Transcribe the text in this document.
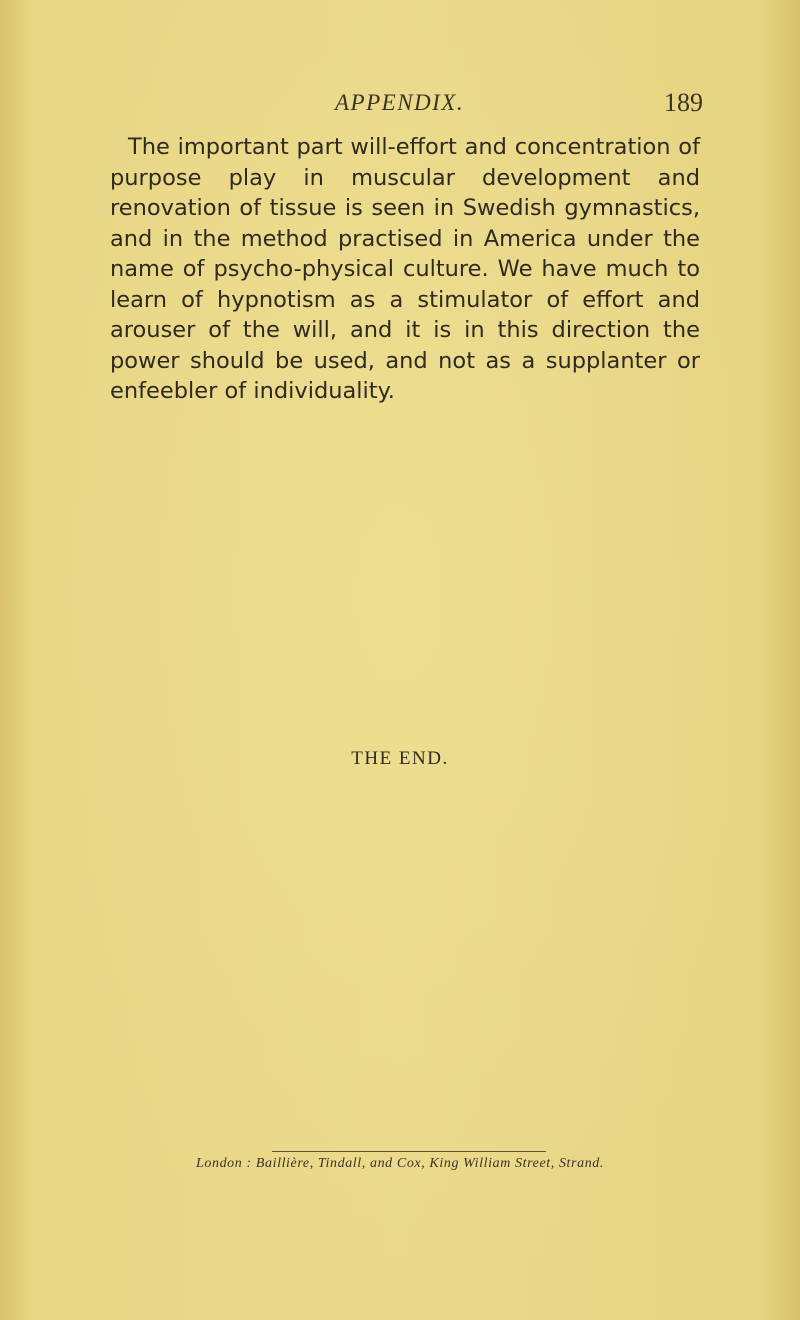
APPENDIX.	189

The important part will-effort and concentration of purpose play in muscular development and renovation of tissue is seen in Swedish gymnastics, and in the method practised in America under the name of psycho-physical culture. We have much to learn of hypnotism as a stimulator of effort and arouser of the will, and it is in this direction the power should be used, and not as a supplanter or enfeebler of individuality.

THE END.
London : Baillière, Tindall, and Cox, King William Street, Strand.
